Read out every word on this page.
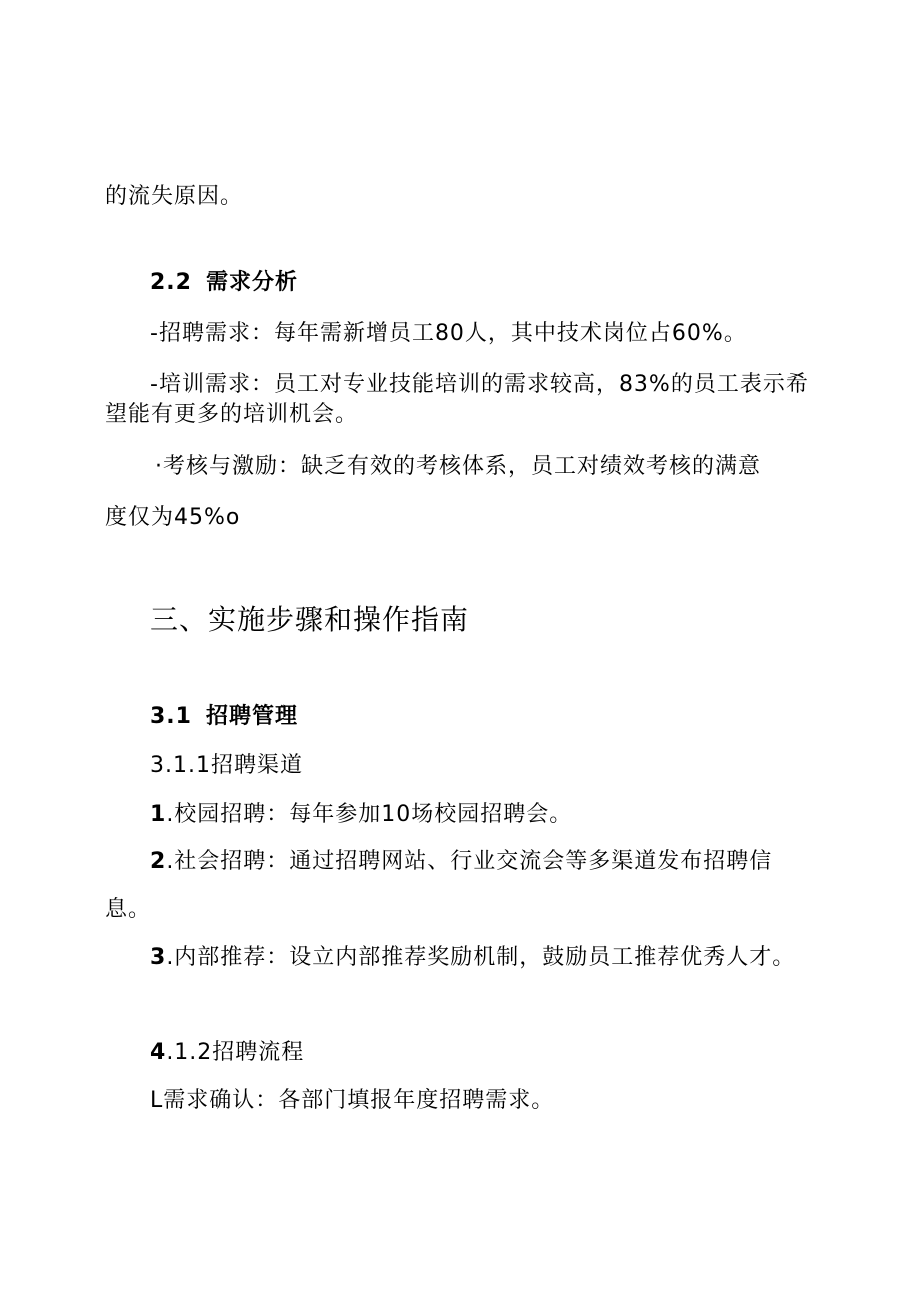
的流失原因。
2.2 需求分析
-招聘需求：每年需新增员工80人，其中技术岗位占60%。
-培训需求：员工对专业技能培训的需求较高，83%的员工表示希
望能有更多的培训机会。
·考核与激励：缺乏有效的考核体系，员工对绩效考核的满意
度仅为45%o
三、实施步骤和操作指南
3.1 招聘管理
3.1.1招聘渠道
1.校园招聘：每年参加10场校园招聘会。
2.社会招聘：通过招聘网站、行业交流会等多渠道发布招聘信
息。
3.内部推荐：设立内部推荐奖励机制，鼓励员工推荐优秀人才。
4.1.2招聘流程
L需求确认：各部门填报年度招聘需求。
